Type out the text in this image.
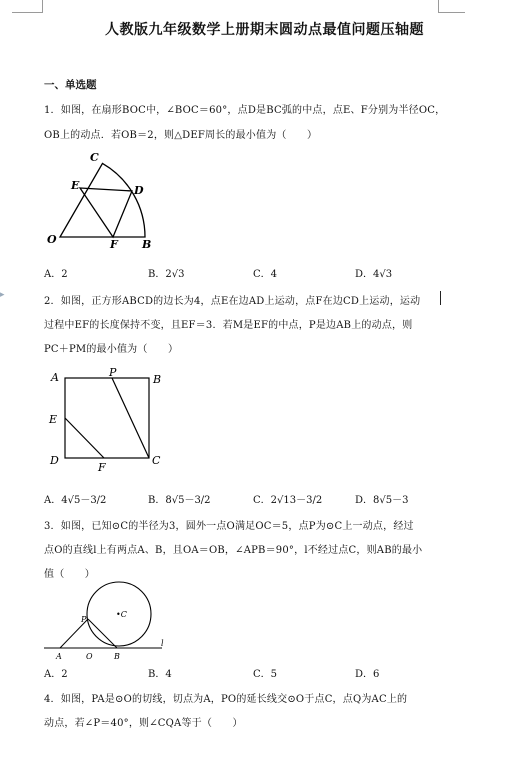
▸
人教版九年级数学上册期末圆动点最值问题压轴题
一、单选题
1．如图，在扇形BOC中，∠BOC＝60°，点D是BC弧的中点，点E、F分别为半径OC，
OB上的动点．若OB＝2，则△DEF周长的最小值为（　　）
C
E	D
O	F B
A．2	B．2√3	C．4	D．4√3
2．如图，正方形ABCD的边长为4，点E在边AD上运动，点F在边CD上运动，运动
过程中EF的长度保持不变，且EF＝3．若M是EF的中点，P是边AB上的动点，则
PC＋PM的最小值为（　　）
A	P
B
E
D
F
C
A．4√5－3/2	B．8√5－3/2	C．2√13－3/2	D．8√5－3
3．如图，已知⊙C的半径为3，圆外一点O满足OC＝5，点P为⊙C上一动点，经过
点O的直线l上有两点A、B，且OA＝OB，∠APB＝90°，l不经过点C，则AB的最小
值（　　）
•C
P
A	O	B
l
A．2	B．4	C．5	D．6
4．如图，PA是⊙O的切线，切点为A，PO的延长线交⊙O于点C，点Q为AC上的
动点，若∠P＝40°，则∠CQA等于（　　）
